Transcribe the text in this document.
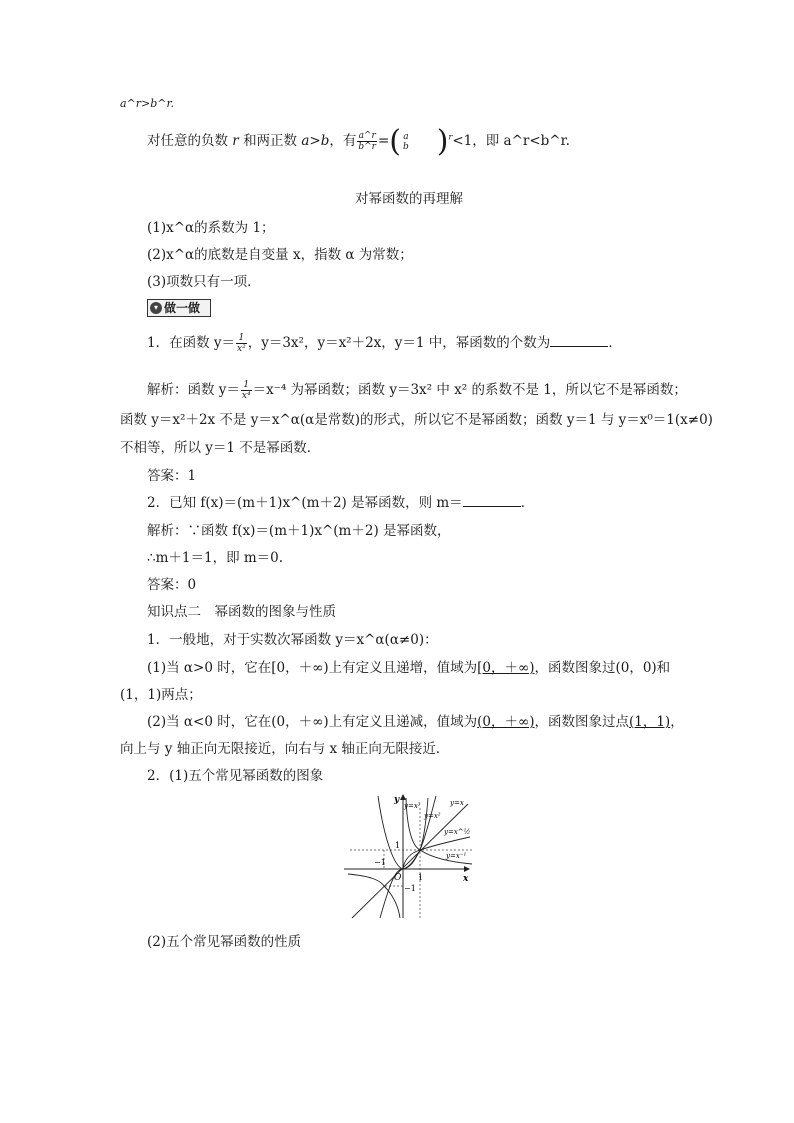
a^r>b^r.
对任意的负数 r 和两正数 a>b，有 $\frac{a\^{}r}{b\^{}r}$ =( a
b )$^r$<1，即 a^r<b^r.
对幂函数的再理解
(1)x^α的系数为 1；
(2)x^α的底数是自变量 x，指数 α 为常数；
(3)项数只有一项．
▾ 做一做
1．在函数 $y= \frac{1}{\text{x²}}$ ，y＝3x²，y＝x²＋2x，y＝1 中，幂函数的个数为	．
解析：函数 $y= \frac{1}{\text{x⁴}} =x^{-4}$ 为幂函数；函数 y＝3x² 中 x² 的系数不是 1，所以它不是幂函数；
函数 y＝x²＋2x 不是 y＝x^α(α是常数)的形式，所以它不是幂函数；函数 y＝1 与 y＝x⁰＝1(x≠0)
不相等，所以 y＝1 不是幂函数．
答案：1
2．已知 f(x)＝(m＋1)x^(m＋2) 是幂函数，则 m＝	．
解析：∵函数 f(x)＝(m＋1)x^(m＋2) 是幂函数，
∴m＋1＝1，即 m＝0.
答案：0
知识点二　幂函数的图象与性质
1．一般地，对于实数次幂函数 y＝x^α(α≠0)：
(1)当 α>0 时，它在[0，＋∞)上有定义且递增，值域为[0，＋∞)，函数图象过(0，0)和
(1，1)两点；
(2)当 α<0 时，它在(0，＋∞)上有定义且递减，值域为(0，＋∞)，函数图象过点(1，1)，
向上与 y 轴正向无限接近，向右与 x 轴正向无限接近．
2．(1)五个常见幂函数的图象
y
x
O 1
1
−1
−1
y=x³
y=x²
y=x
y=x^½
y=x⁻¹
(2)五个常见幂函数的性质
